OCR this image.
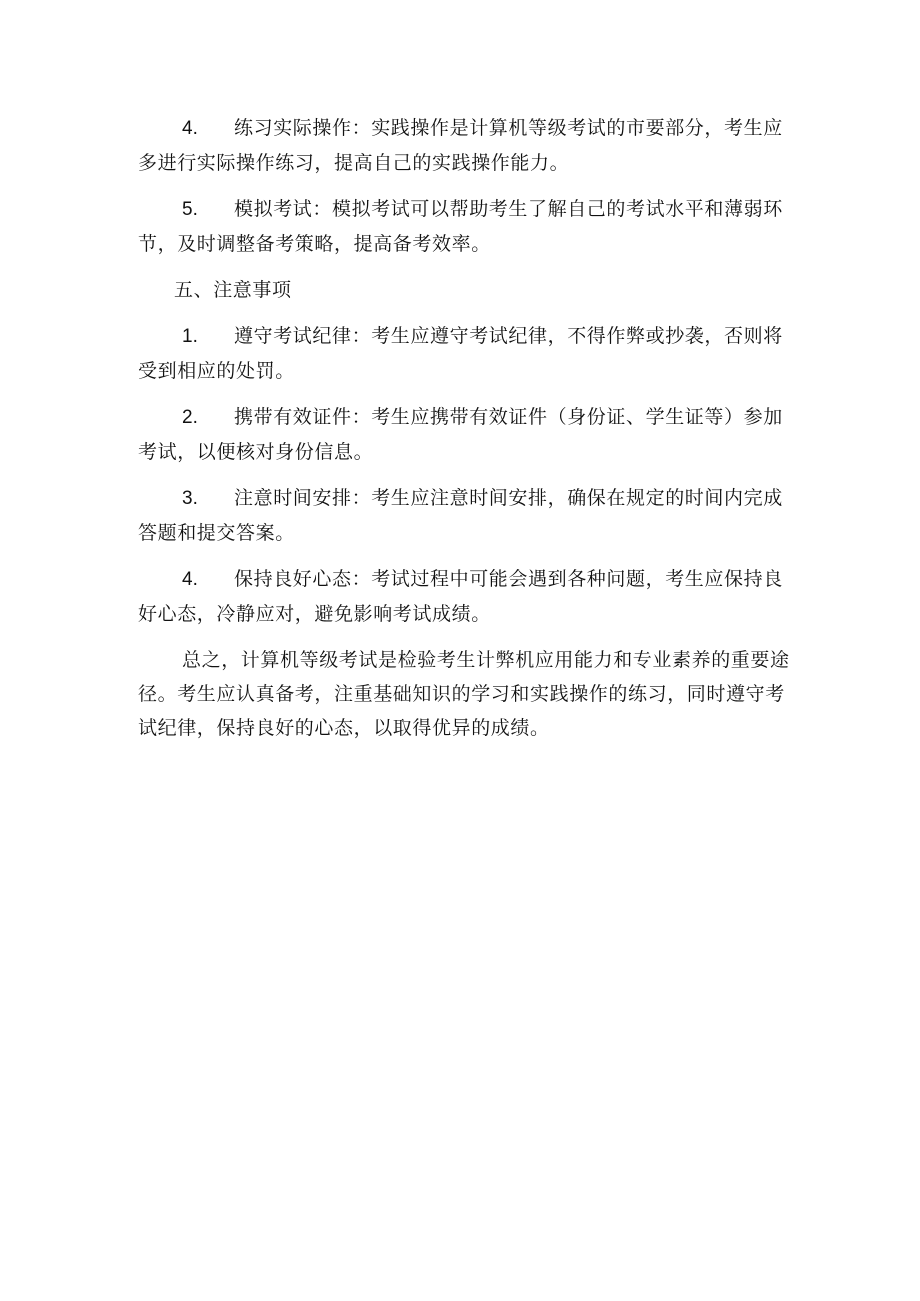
4. 练习实际操作：实践操作是计算机等级考试的市要部分，考生应多进行实际操作练习，提高自己的实践操作能力。

5. 模拟考试：模拟考试可以帮助考生了解自己的考试水平和薄弱环节，及时调整备考策略，提高备考效率。

五、注意事项

1. 遵守考试纪律：考生应遵守考试纪律，不得作弊或抄袭，否则将受到相应的处罚。

2. 携带有效证件：考生应携带有效证件（身份证、学生证等）参加考试，以便核对身份信息。

3. 注意时间安排：考生应注意时间安排，确保在规定的时间内完成答题和提交答案。

4. 保持良好心态：考试过程中可能会遇到各种问题，考生应保持良好心态，冷静应对，避免影响考试成绩。

总之，计算机等级考试是检验考生计弊机应用能力和专业素养的重要途径。考生应认真备考，注重基础知识的学习和实践操作的练习，同时遵守考试纪律，保持良好的心态，以取得优异的成绩。
